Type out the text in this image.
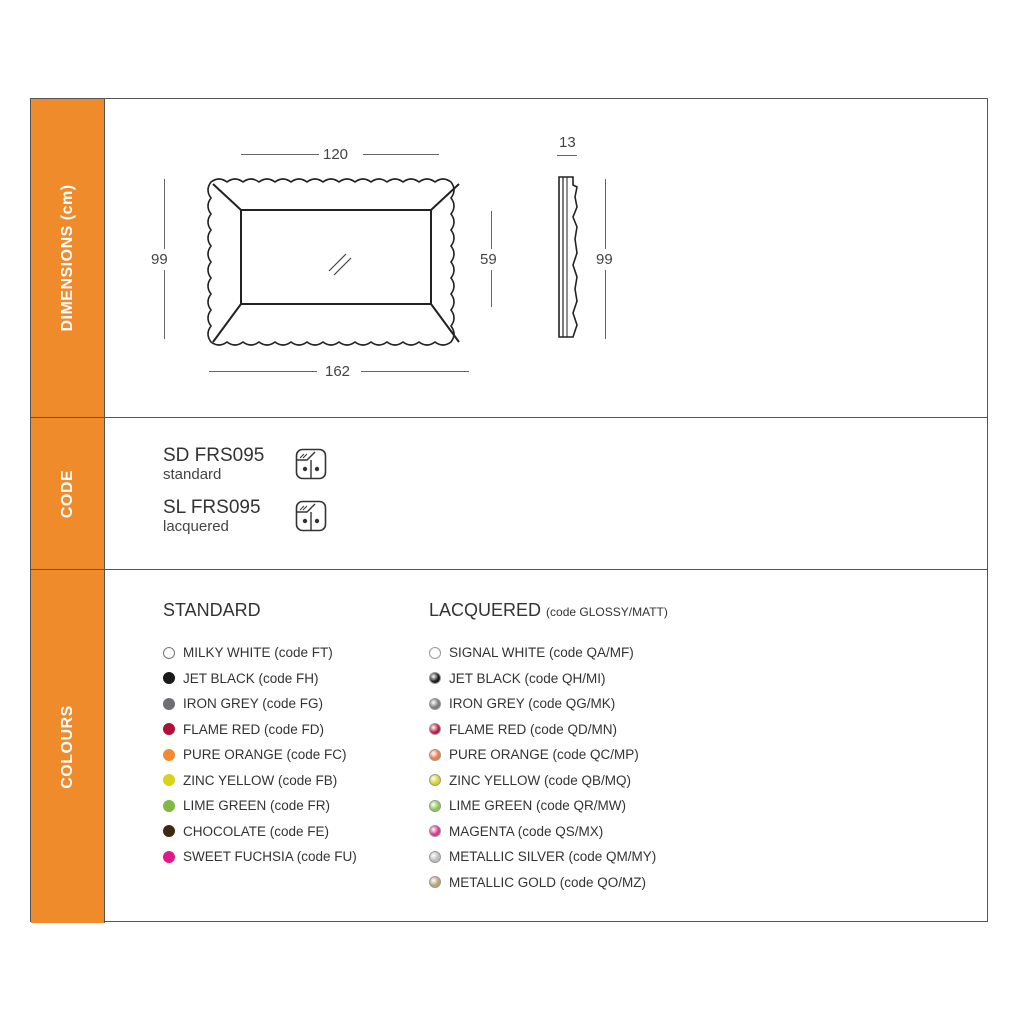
DIMENSIONS (cm)
120
162
99	59
13
99
CODE
SD FRS095
standard
SL FRS095
lacquered
COLOURS
STANDARD	LACQUERED (code GLOSSY/MATT)
MILKY WHITE (code FT)
JET BLACK (code FH)
IRON GREY (code FG)
FLAME RED (code FD)
PURE ORANGE (code FC)
ZINC YELLOW (code FB)
LIME GREEN (code FR)
CHOCOLATE (code FE)
SWEET FUCHSIA (code FU)
SIGNAL WHITE (code QA/MF)
JET BLACK (code QH/MI)
IRON GREY (code QG/MK)
FLAME RED (code QD/MN)
PURE ORANGE (code QC/MP)
ZINC YELLOW (code QB/MQ)
LIME GREEN (code QR/MW)
MAGENTA (code QS/MX)
METALLIC SILVER (code QM/MY)
METALLIC GOLD (code QO/MZ)
